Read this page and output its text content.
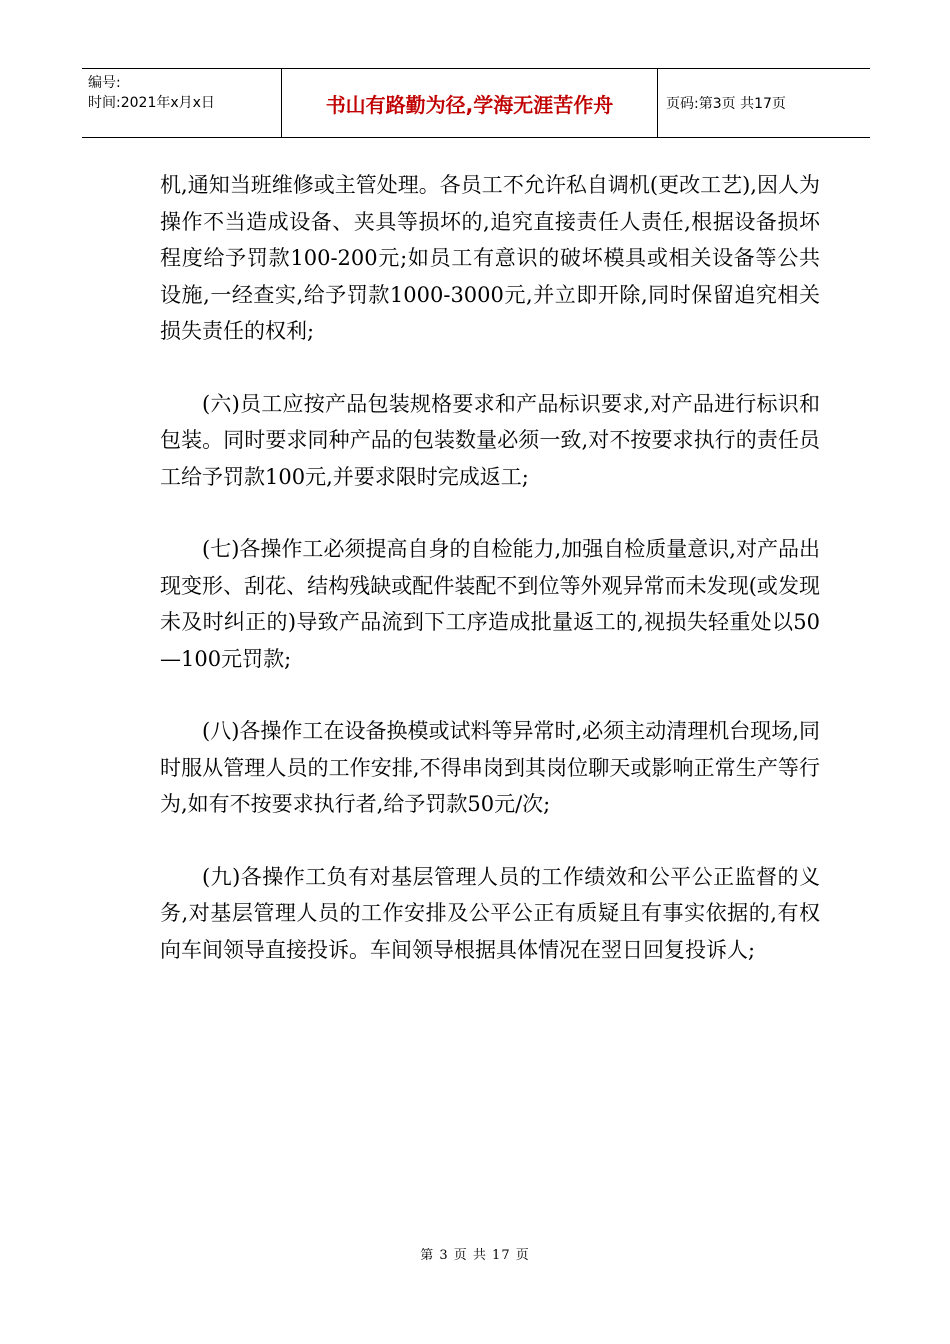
编号:
时间:2021年x月x日	书山有路勤为径,学海无涯苦作舟	页码:第3页 共17页

机,通知当班维修或主管处理。各员工不允许私自调机(更改工艺),因人为操作不当造成设备、夹具等损坏的,追究直接责任人责任,根据设备损坏程度给予罚款100-200元;如员工有意识的破坏模具或相关设备等公共设施,一经查实,给予罚款1000-3000元,并立即开除,同时保留追究相关损失责任的权利;

(六)员工应按产品包装规格要求和产品标识要求,对产品进行标识和包装。同时要求同种产品的包装数量必须一致,对不按要求执行的责任员工给予罚款100元,并要求限时完成返工;

(七)各操作工必须提高自身的自检能力,加强自检质量意识,对产品出现变形、刮花、结构残缺或配件装配不到位等外观异常而未发现(或发现未及时纠正的)导致产品流到下工序造成批量返工的,视损失轻重处以50—100元罚款;

(八)各操作工在设备换模或试料等异常时,必须主动清理机台现场,同时服从管理人员的工作安排,不得串岗到其岗位聊天或影响正常生产等行为,如有不按要求执行者,给予罚款50元/次;

(九)各操作工负有对基层管理人员的工作绩效和公平公正监督的义务,对基层管理人员的工作安排及公平公正有质疑且有事实依据的,有权向车间领导直接投诉。车间领导根据具体情况在翌日回复投诉人;

第 3 页 共 17 页
